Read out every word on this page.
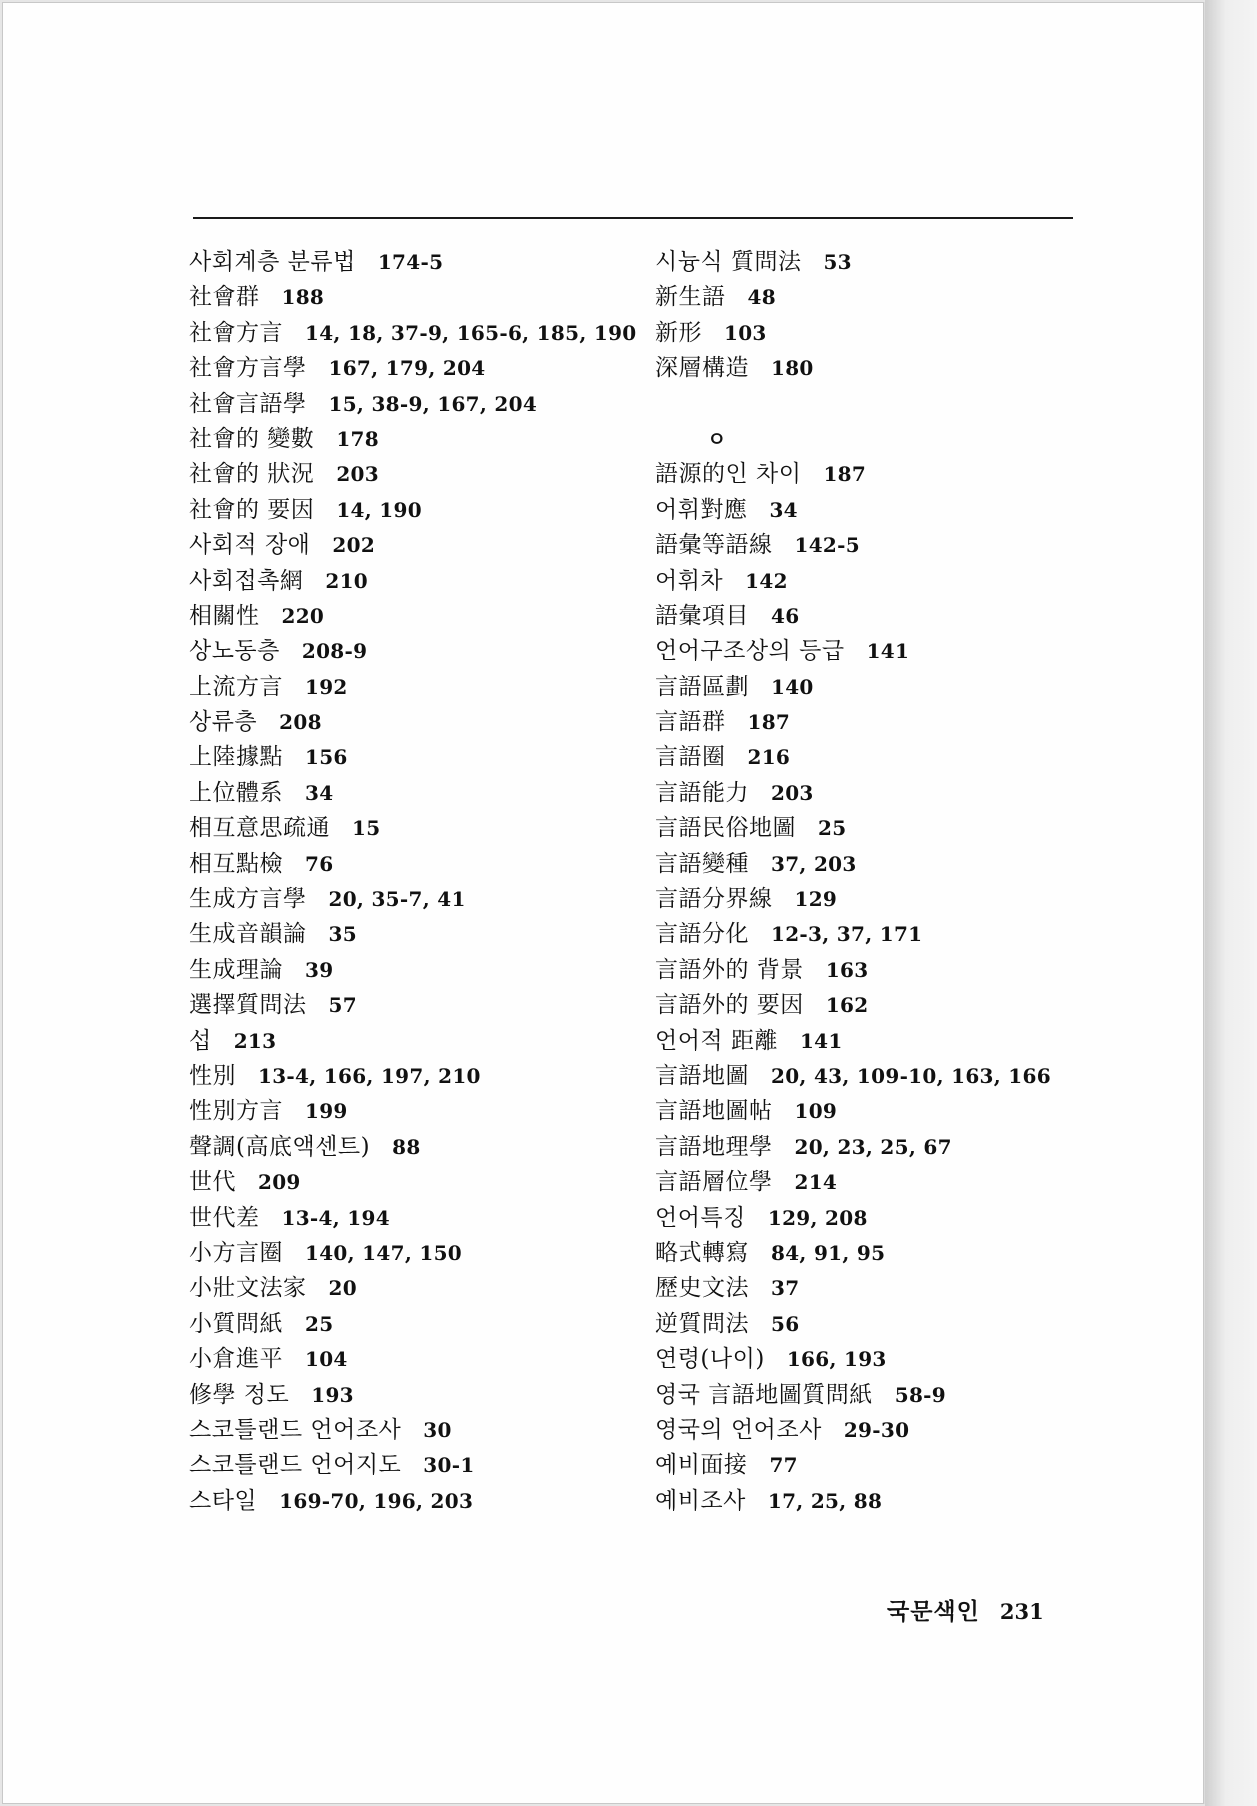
사회계층 분류법 174-5
社會群 188
社會方言 14, 18, 37-9, 165-6, 185, 190
社會方言學 167, 179, 204
社會言語學 15, 38-9, 167, 204
社會的 變數 178
社會的 狀況 203
社會的 要因 14, 190
사회적 장애 202
사회접촉網 210
相關性 220
상노동층 208-9
上流方言 192
상류층 208
上陸據點 156
上位體系 34
相互意思疏通 15
相互點檢 76
生成方言學 20, 35-7, 41
生成音韻論 35
生成理論 39
選擇質問法 57
섭 213
性別 13-4, 166, 197, 210
性別方言 199
聲調(高底액센트) 88
世代 209
世代差 13-4, 194
小方言圈 140, 147, 150
小壯文法家 20
小質問紙 25
小倉進平 104
修學 정도 193
스코틀랜드 언어조사 30
스코틀랜드 언어지도 30-1
스타일 169-70, 196, 203
시늉식 質問法 53
新生語 48
新形 103
深層構造 180
ㅇ
語源的인 차이 187
어휘對應 34
語彙等語線 142-5
어휘차 142
語彙項目 46
언어구조상의 등급 141
言語區劃 140
言語群 187
言語圈 216
言語能力 203
言語民俗地圖 25
言語變種 37, 203
言語分界線 129
言語分化 12-3, 37, 171
言語外的 背景 163
言語外的 要因 162
언어적 距離 141
言語地圖 20, 43, 109-10, 163, 166
言語地圖帖 109
言語地理學 20, 23, 25, 67
言語層位學 214
언어특징 129, 208
略式轉寫 84, 91, 95
歷史文法 37
逆質問法 56
연령(나이) 166, 193
영국 言語地圖質問紙 58-9
영국의 언어조사 29-30
예비面接 77
예비조사 17, 25, 88
국문색인 231
